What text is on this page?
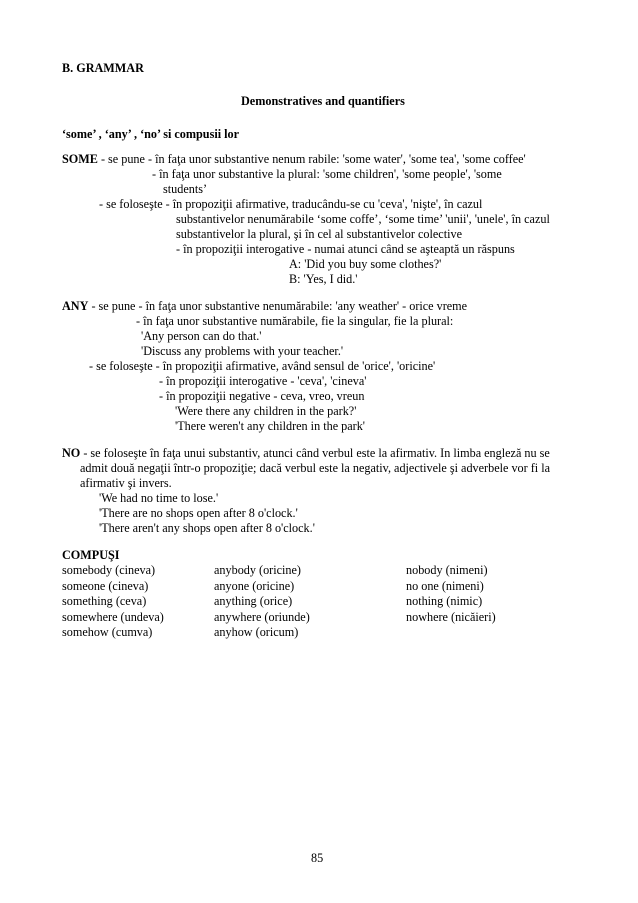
B. GRAMMAR
Demonstratives and quantifiers
‘some’ , ‘any’ , ‘no’ si compusii lor
SOME - se pune - în faţa unor substantive nenum rabile: 'some water', 'some tea', 'some coffee'
- în faţa unor substantive la plural: 'some children', 'some people', 'some
students’
- se foloseşte - în propoziţii afirmative, traducându-se cu 'ceva', 'nişte', în cazul
substantivelor nenumărabile ‘some coffe’, ‘some time’ 'unii', 'unele', în cazul
substantivelor la plural, şi în cel al substantivelor colective
- în propoziţii interogative - numai atunci când se aşteaptă un răspuns
A: 'Did you buy some clothes?'
B: 'Yes, I did.'
ANY - se pune - în faţa unor substantive nenumărabile: 'any weather' - orice vreme
- în faţa unor substantive numărabile, fie la singular, fie la plural:
'Any person can do that.'
'Discuss any problems with your teacher.'
- se foloseşte - în propoziţii afirmative, având sensul de 'orice', 'oricine'
- în propoziţii interogative - 'ceva', 'cineva'
- în propoziţii negative - ceva, vreo, vreun
'Were there any children in the park?'
'There weren't any children in the park'
NO - se foloseşte în faţa unui substantiv, atunci când verbul este la afirmativ. In limba engleză nu se
admit două negaţii într-o propoziţie; dacă verbul este la negativ, adjectivele şi adverbele vor fi la
afirmativ şi invers.
'We had no time to lose.'
'There are no shops open after 8 o'clock.'
'There aren't any shops open after 8 o'clock.'
COMPUŞI
somebody (cineva)
someone (cineva)
something (ceva)
somewhere (undeva)
somehow (cumva)
anybody (oricine)
anyone (oricine)
anything (orice)
anywhere (oriunde)
anyhow (oricum)
nobody (nimeni)
no one (nimeni)
nothing (nimic)
nowhere (nicăieri)
85
